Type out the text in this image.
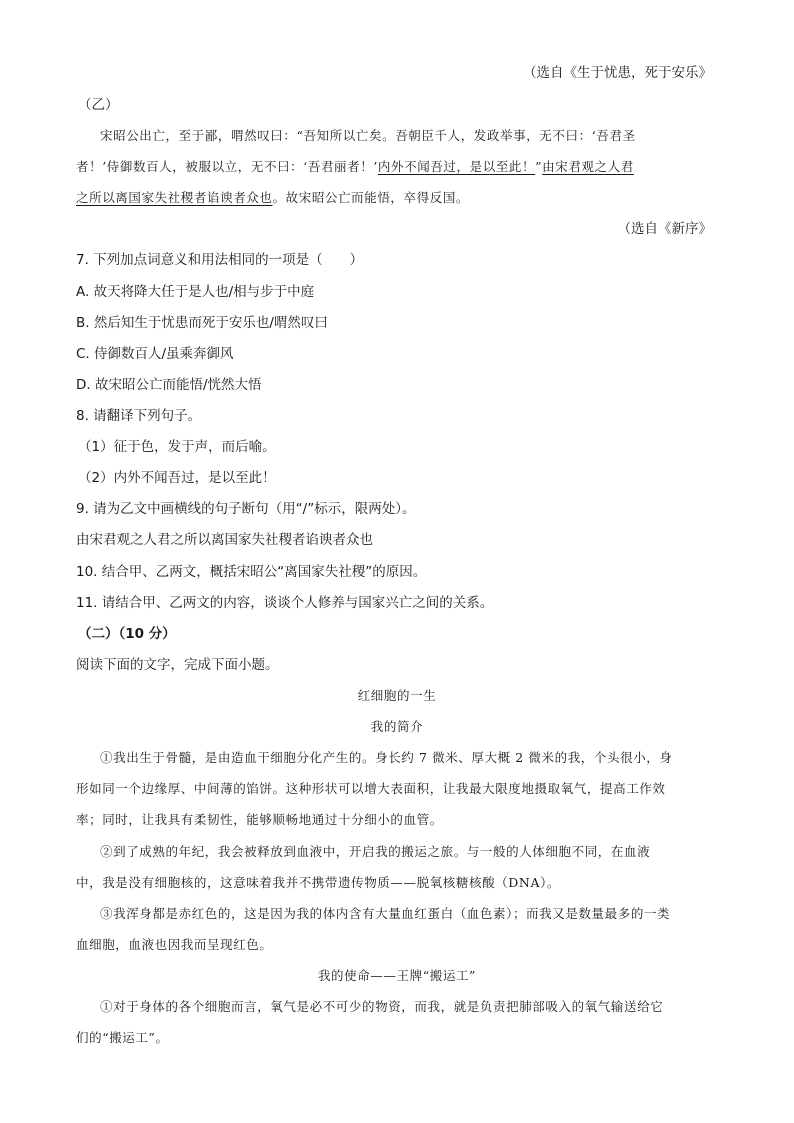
（选自《生于忧患，死于安乐》
（乙）
宋昭公出亡，至于鄙，喟然叹曰：“吾知所以亡矣。吾朝臣千人，发政举事，无不曰：‘吾君圣
者！’侍御数百人，被服以立，无不曰：‘吾君丽者！’内外不闻吾过，是以至此！”由宋君观之人君
之所以离国家失社稷者谄谀者众也。故宋昭公亡而能悟，卒得反国。
（选自《新序》
7. 下列加点词意义和用法相同的一项是（　　）
A. 故天将降大任于是人也/相与步于中庭
B. 然后知生于忧患而死于安乐也/喟然叹曰
C. 侍御数百人/虽乘奔御风
D. 故宋昭公亡而能悟/恍然大悟
8. 请翻译下列句子。
（1）征于色，发于声，而后喻。
（2）内外不闻吾过，是以至此！
9. 请为乙文中画横线的句子断句（用“/”标示，限两处）。
由宋君观之人君之所以离国家失社稷者谄谀者众也
10. 结合甲、乙两文，概括宋昭公“离国家失社稷”的原因。
11. 请结合甲、乙两文的内容，谈谈个人修养与国家兴亡之间的关系。
（二）（10 分）
阅读下面的文字，完成下面小题。
红细胞的一生
我的简介
①我出生于骨髓，是由造血干细胞分化产生的。身长约 7 微米、厚大概 2 微米的我，个头很小，身
形如同一个边缘厚、中间薄的馅饼。这种形状可以增大表面积，让我最大限度地摄取氧气，提高工作效
率；同时，让我具有柔韧性，能够顺畅地通过十分细小的血管。
②到了成熟的年纪，我会被释放到血液中，开启我的搬运之旅。与一般的人体细胞不同，在血液
中，我是没有细胞核的，这意味着我并不携带遗传物质——脱氧核糖核酸（DNA）。
③我浑身都是赤红色的，这是因为我的体内含有大量血红蛋白（血色素）；而我又是数量最多的一类
血细胞，血液也因我而呈现红色。
我的使命——王牌“搬运工”
①对于身体的各个细胞而言，氧气是必不可少的物资，而我，就是负责把肺部吸入的氧气输送给它
们的“搬运工”。
